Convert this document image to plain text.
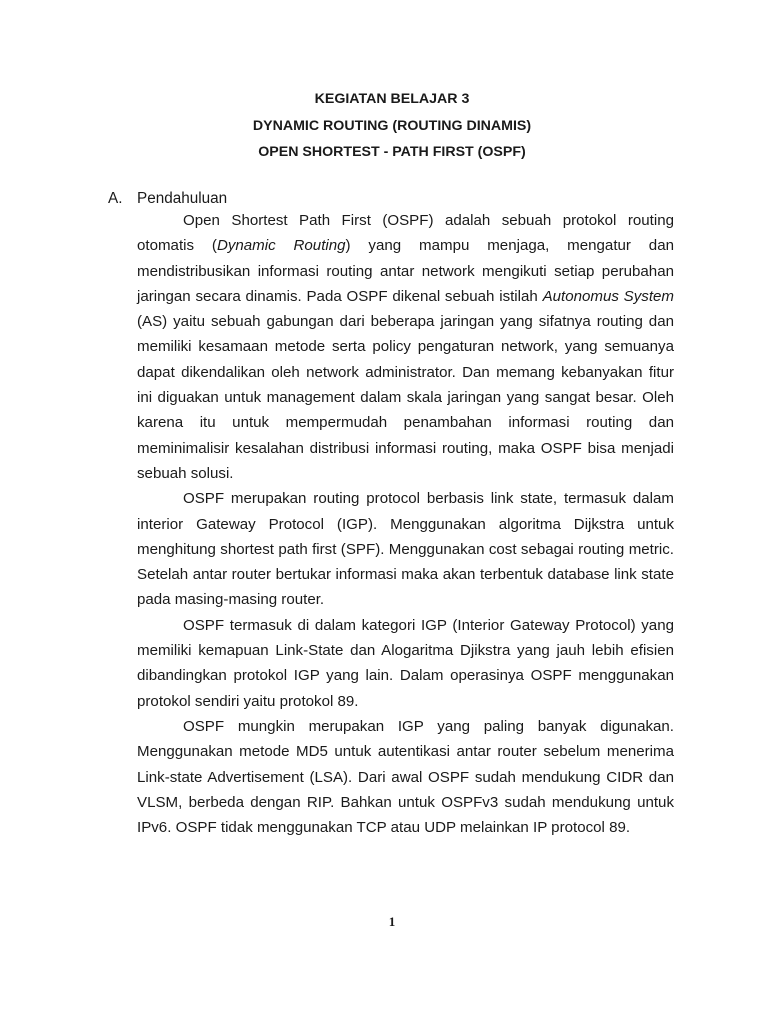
KEGIATAN BELAJAR 3

DYNAMIC ROUTING (ROUTING DINAMIS)

OPEN SHORTEST - PATH FIRST (OSPF)

A. Pendahuluan

Open Shortest Path First (OSPF) adalah sebuah protokol routing otomatis (Dynamic Routing) yang mampu menjaga, mengatur dan mendistribusikan informasi routing antar network mengikuti setiap perubahan jaringan secara dinamis. Pada OSPF dikenal sebuah istilah Autonomus System (AS) yaitu sebuah gabungan dari beberapa jaringan yang sifatnya routing dan memiliki kesamaan metode serta policy pengaturan network, yang semuanya dapat dikendalikan oleh network administrator. Dan memang kebanyakan fitur ini diguakan untuk management dalam skala jaringan yang sangat besar. Oleh karena itu untuk mempermudah penambahan informasi routing dan meminimalisir kesalahan distribusi informasi routing, maka OSPF bisa menjadi sebuah solusi.

OSPF merupakan routing protocol berbasis link state, termasuk dalam interior Gateway Protocol (IGP). Menggunakan algoritma Dijkstra untuk menghitung shortest path first (SPF). Menggunakan cost sebagai routing metric. Setelah antar router bertukar informasi maka akan terbentuk database link state pada masing-masing router.

OSPF termasuk di dalam kategori IGP (Interior Gateway Protocol) yang memiliki kemapuan Link-State dan Alogaritma Djikstra yang jauh lebih efisien dibandingkan protokol IGP yang lain. Dalam operasinya OSPF menggunakan protokol sendiri yaitu protokol 89.

OSPF mungkin merupakan IGP yang paling banyak digunakan. Menggunakan metode MD5 untuk autentikasi antar router sebelum menerima Link-state Advertisement (LSA). Dari awal OSPF sudah mendukung CIDR dan VLSM, berbeda dengan RIP. Bahkan untuk OSPFv3 sudah mendukung untuk IPv6. OSPF tidak menggunakan TCP atau UDP melainkan IP protocol 89.

1
